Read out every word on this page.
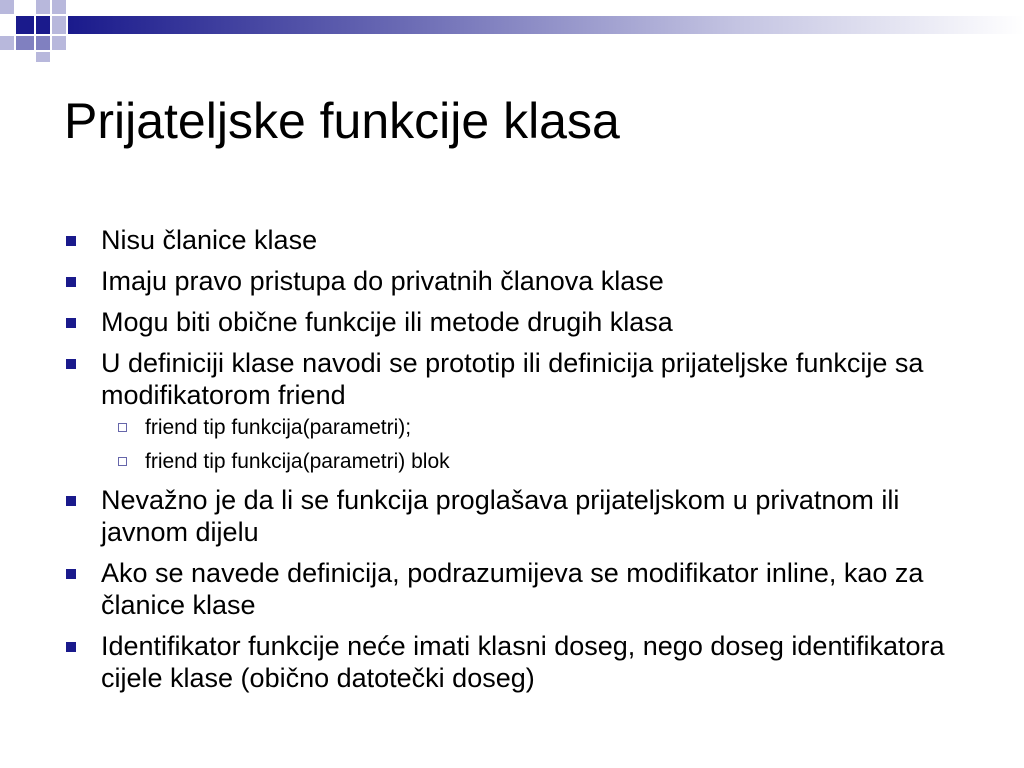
Prijateljske funkcije klasa
Nisu članice klase
Imaju pravo pristupa do privatnih članova klase
Mogu biti obične funkcije ili metode drugih klasa
U definiciji klase navodi se prototip ili definicija prijateljske funkcije sa modifikatorom friend
friend tip funkcija(parametri);
friend tip funkcija(parametri) blok
Nevažno je da li se funkcija proglašava prijateljskom u privatnom ili javnom dijelu
Ako se navede definicija, podrazumijeva se modifikator inline, kao za članice klase
Identifikator funkcije neće imati klasni doseg, nego doseg identifikatora cijele klase (obično datotečki doseg)
